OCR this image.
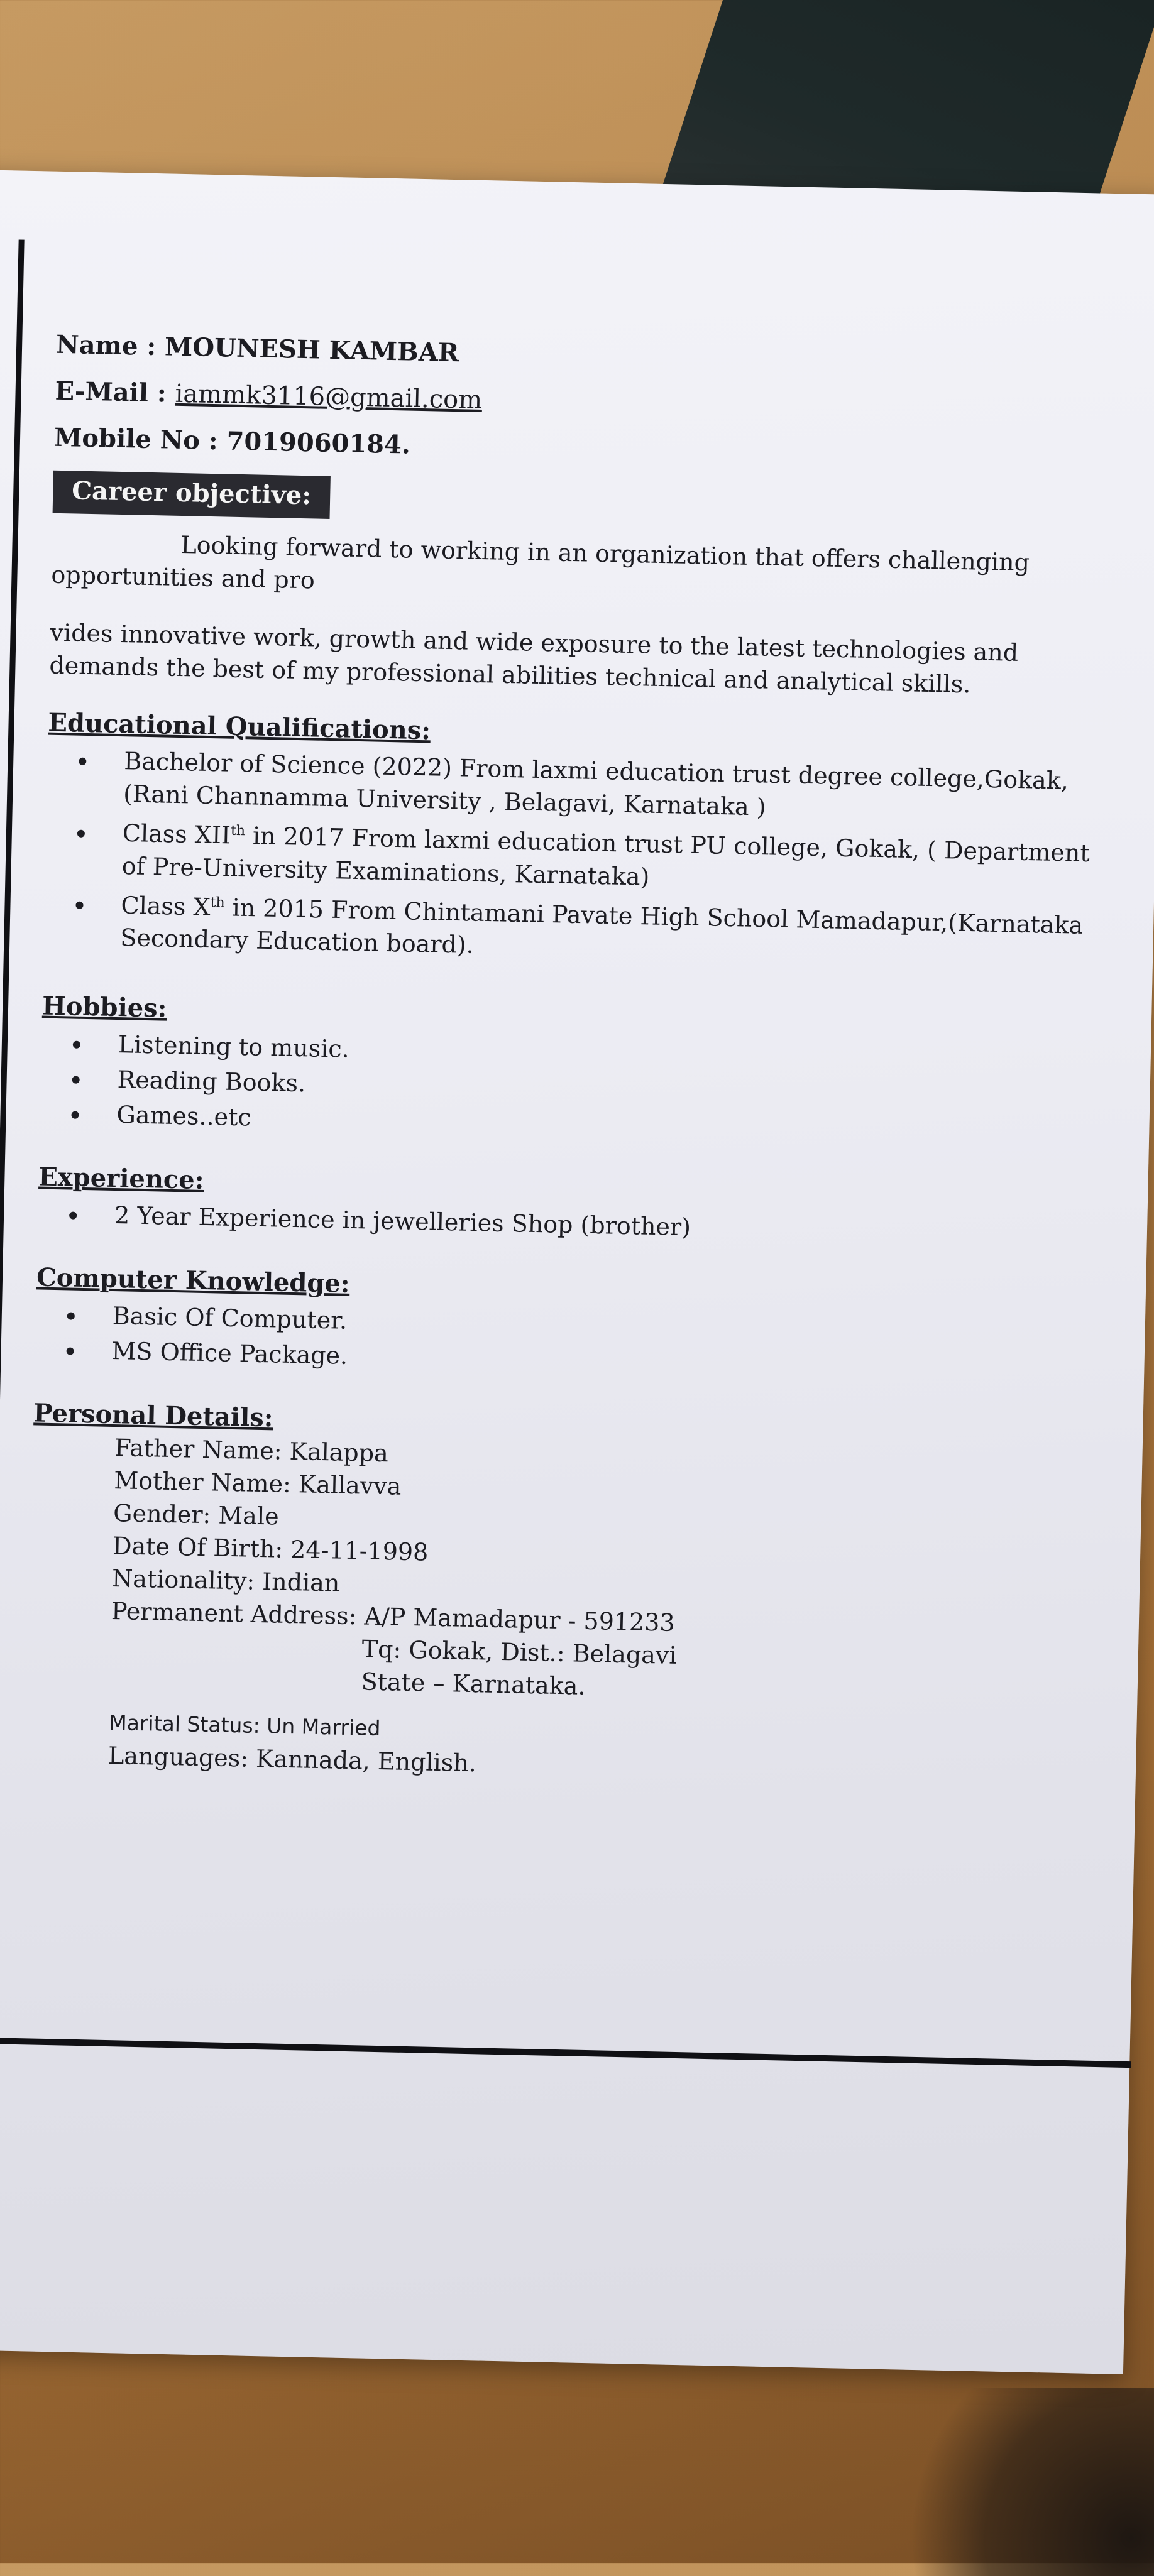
Name : MOUNESH KAMBAR
E-Mail : iammk3116@gmail.com
Mobile No : 7019060184.
Career objective:

Looking forward to working in an organization that offers challenging opportunities and pro

vides innovative work, growth and wide exposure to the latest technologies and demands the best of my professional abilities technical and analytical skills.

Educational Qualifications:
• Bachelor of Science (2022) From laxmi education trust degree college,Gokak, (Rani Channamma University , Belagavi, Karnataka )
• Class XIIth in 2017 From laxmi education trust PU college, Gokak, ( Department of Pre-University Examinations, Karnataka)
• Class Xth in 2015 From Chintamani Pavate High School Mamadapur,(Karnataka Secondary Education board).
Hobbies:
• Listening to music.
• Reading Books.
• Games..etc
Experience:
• 2 Year Experience in jewelleries Shop (brother)
Computer Knowledge:
• Basic Of Computer.
• MS Office Package.
Personal Details:
Father Name: Kalappa
Mother Name: Kallavva
Gender: Male
Date Of Birth: 24-11-1998
Nationality: Indian
Permanent Address: A/P Mamadapur - 591233
Tq: Gokak, Dist.: Belagavi
State – Karnataka.
Marital Status: Un Married
Languages: Kannada, English.
